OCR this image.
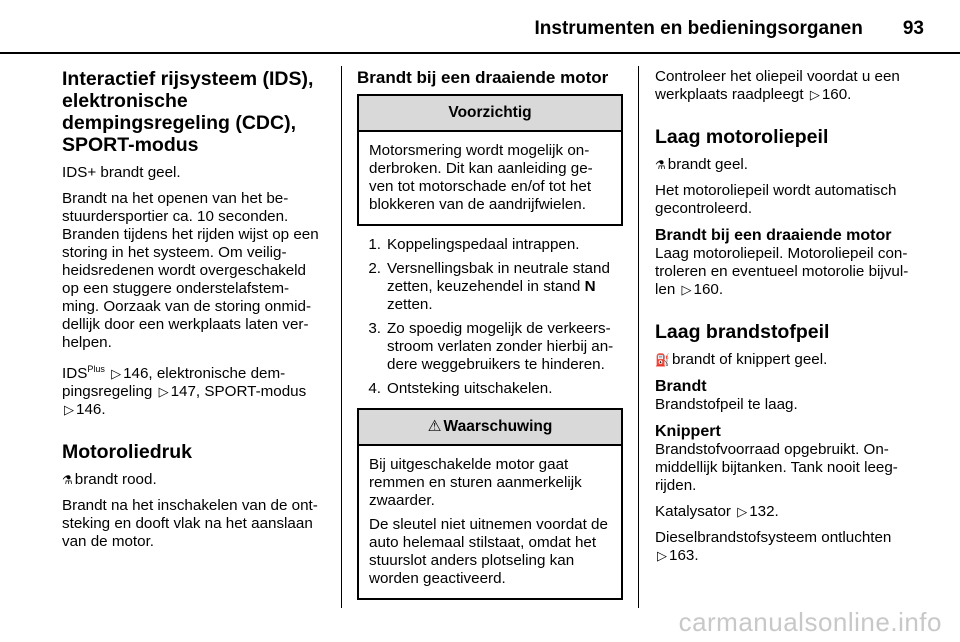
Instrumenten en bedieningsorganen 93
Interactief rijsysteem (IDS), elektronische dempingsregeling (CDC), SPORT-modus

IDS+ brandt geel.

Brandt na het openen van het be-stuurdersportier ca. 10 seconden. Branden tijdens het rijden wijst op een storing in het systeem. Om veilig-heidsredenen wordt overgeschakeld op een stuggere onderstelafstem-ming. Oorzaak van de storing onmid-dellijk door een werkplaats laten ver-helpen.

$IDS^{Plus}$ ▷ 146, elektronische dem-pingsregeling ▷ 147, SPORT-modus ▷ 146.

Motoroliedruk

⚗ brandt rood.

Brandt na het inschakelen van de ont-steking en dooft vlak na het aanslaan van de motor.

Brandt bij een draaiende motor
Voorzichtig

Motorsmering wordt mogelijk on-derbroken. Dit kan aanleiding ge-ven tot motorschade en/of tot het blokkeren van de aandrijfwielen.

1. Koppelingspedaal intrappen.
2. Versnellingsbak in neutrale stand zetten, keuzehendel in stand N zetten.
3. Zo spoedig mogelijk de verkeers-stroom verlaten zonder hierbij an-dere weggebruikers te hinderen.
4. Ontsteking uitschakelen.
⚠ Waarschuwing

Bij uitgeschakelde motor gaat remmen en sturen aanmerkelijk zwaarder.

De sleutel niet uitnemen voordat de auto helemaal stilstaat, omdat het stuurslot anders plotseling kan worden geactiveerd.

Controleer het oliepeil voordat u een werkplaats raadpleegt ▷ 160.

Laag motoroliepeil

⚗ brandt geel.

Het motoroliepeil wordt automatisch gecontroleerd.

Brandt bij een draaiende motor

Laag motoroliepeil. Motoroliepeil con-troleren en eventueel motorolie bijvul-len ▷ 160.

Laag brandstofpeil

⛽ brandt of knippert geel.

Brandt

Brandstofpeil te laag.

Knippert

Brandstofvoorraad opgebruikt. On-middellijk bijtanken. Tank nooit leeg-rijden.

Katalysator ▷ 132.

Dieselbrandstofsysteem ontluchten
▷ 163.

carmanualsonline.info
